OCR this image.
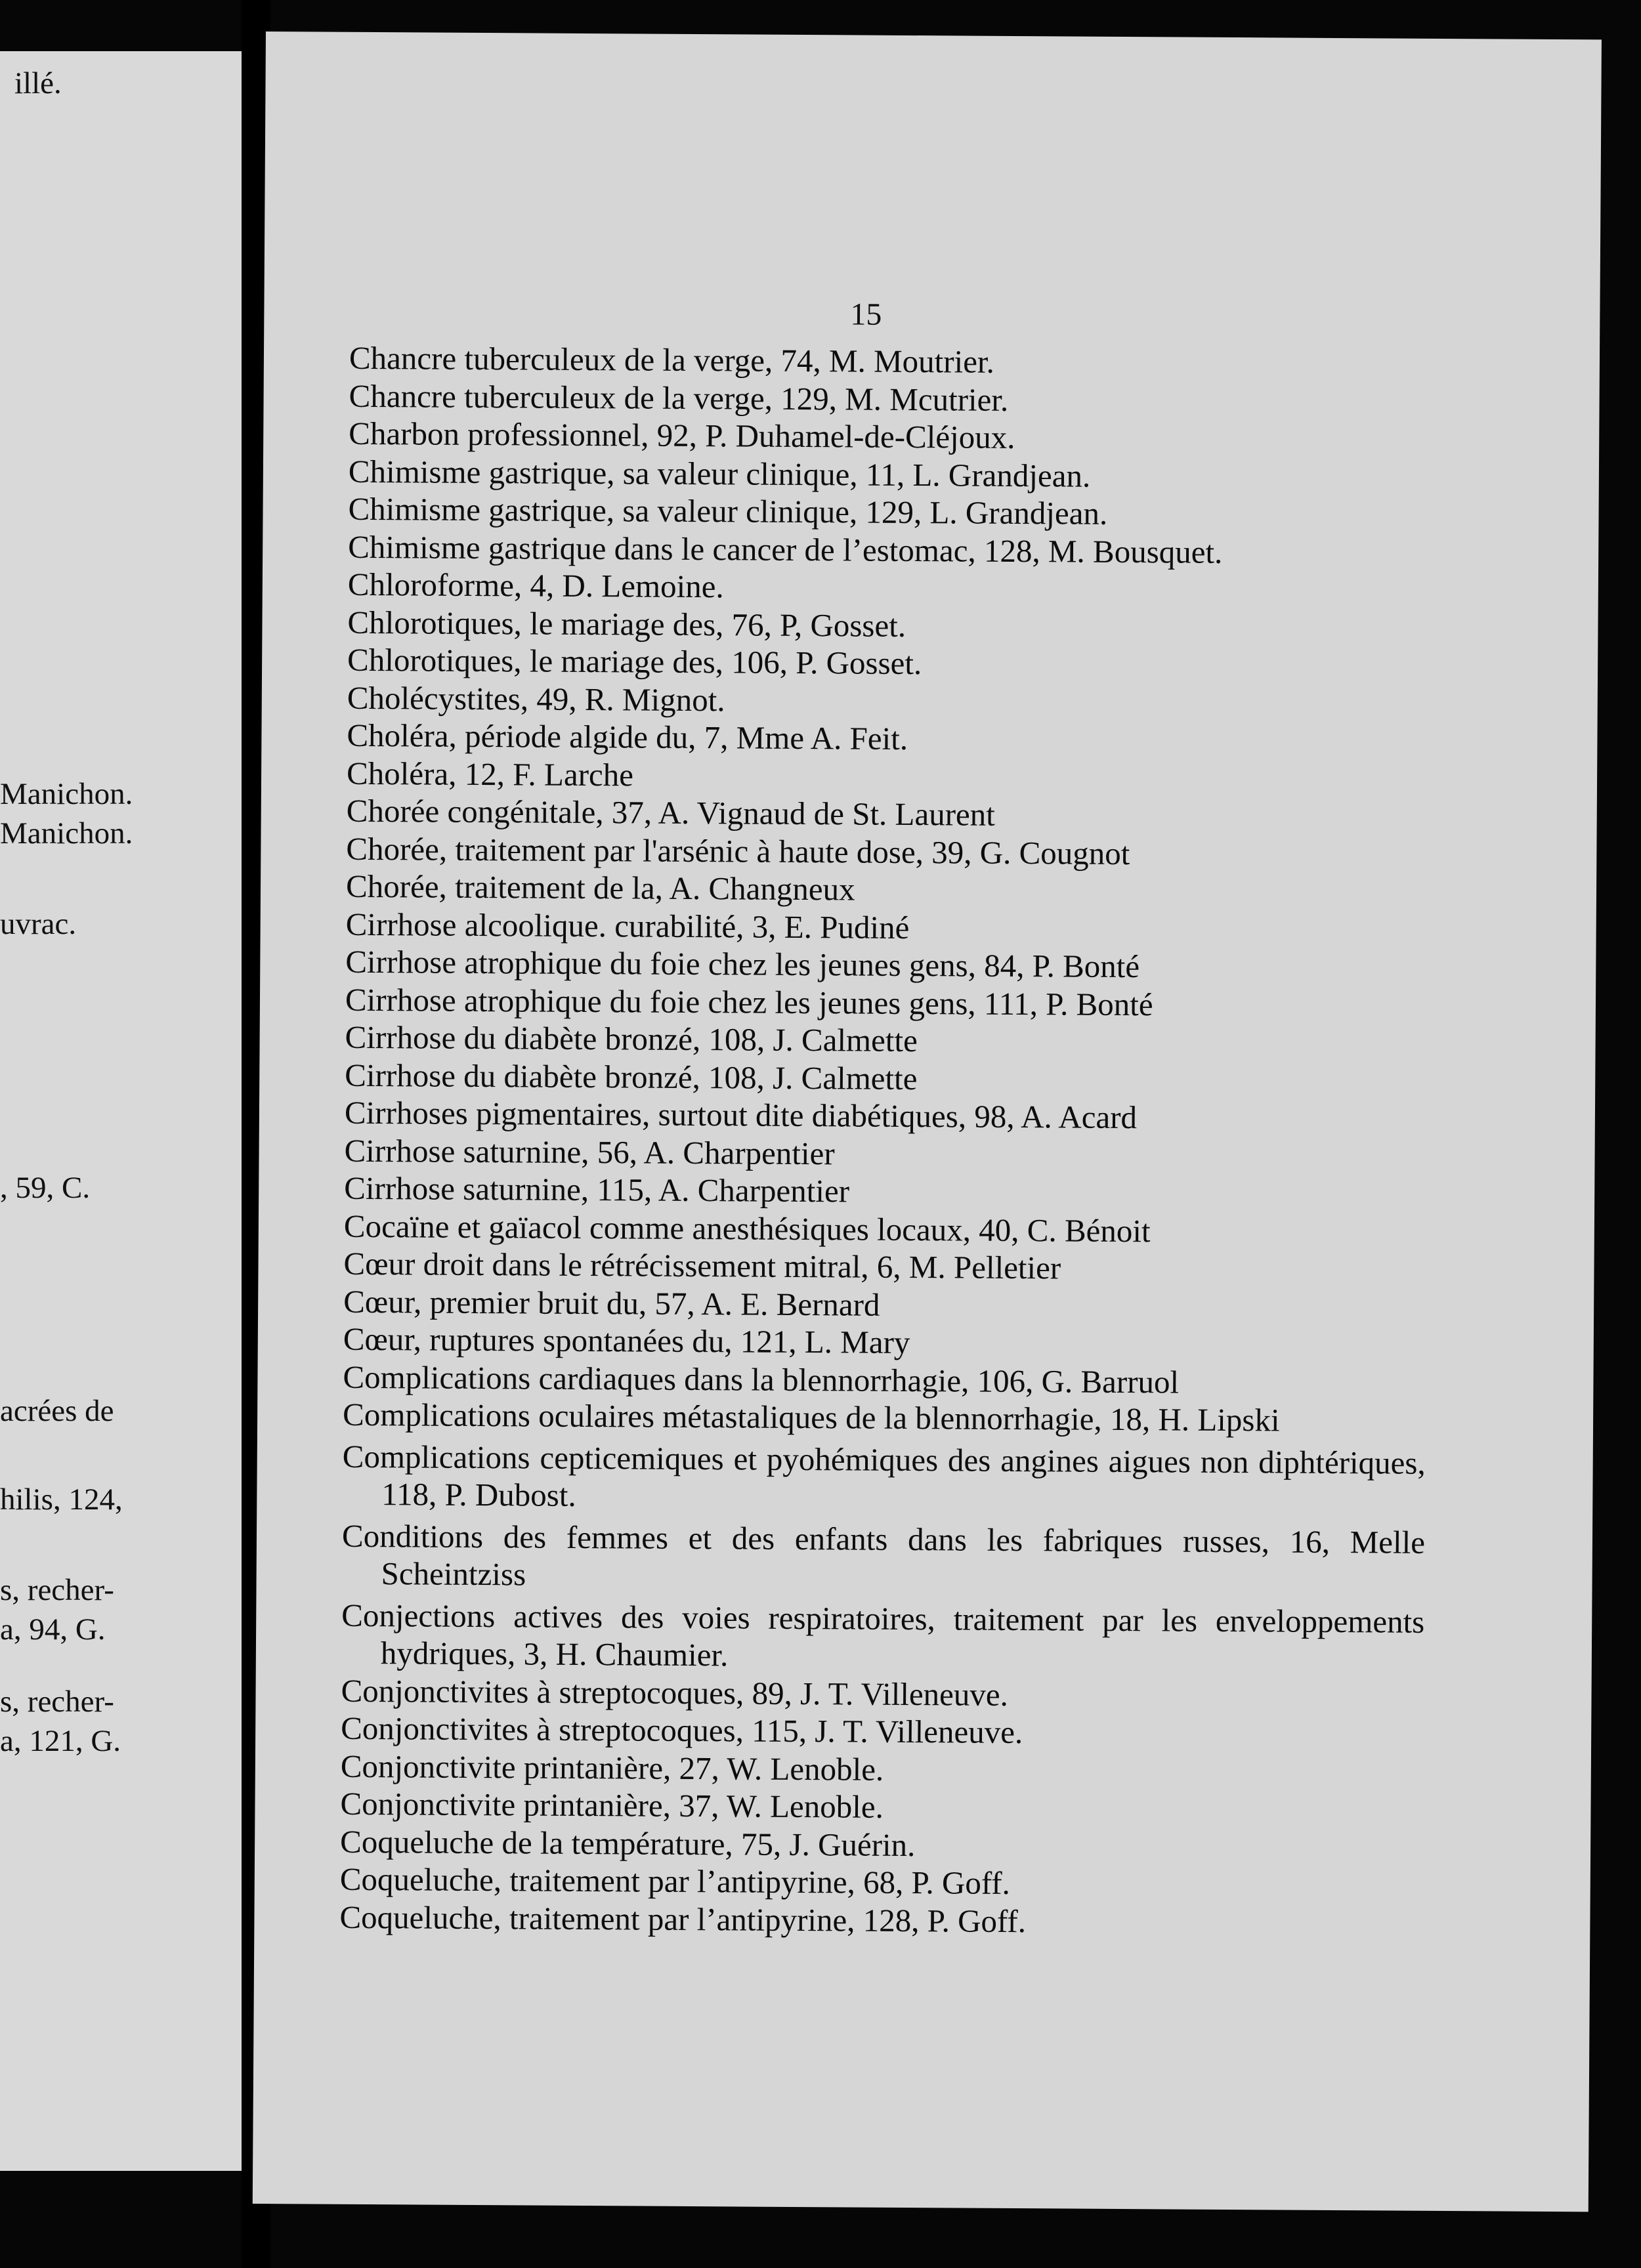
illé.
Manichon.
Manichon.
uvrac.
, 59, C.
acrées de
hilis, 124,
s, recher-
a, 94, G.
s, recher-
a, 121, G.
15
Chancre tuberculeux de la verge, 74, M. Moutrier.
Chancre tuberculeux de la verge, 129, M. Mcutrier.
Charbon professionnel, 92, P. Duhamel-de-Cléjoux.
Chimisme gastrique, sa valeur clinique, 11, L. Grandjean.
Chimisme gastrique, sa valeur clinique, 129, L. Grandjean.
Chimisme gastrique dans le cancer de l’estomac, 128, M. Bousquet.
Chloroforme, 4, D. Lemoine.
Chlorotiques, le mariage des, 76, P, Gosset.
Chlorotiques, le mariage des, 106, P. Gosset.
Cholécystites, 49, R. Mignot.
Choléra, période algide du, 7, Mme A. Feit.
Choléra, 12, F. Larche
Chorée congénitale, 37, A. Vignaud de St. Laurent
Chorée, traitement par l'arsénic à haute dose, 39, G. Cougnot
Chorée, traitement de la, A. Changneux
Cirrhose alcoolique. curabilité, 3, E. Pudiné
Cirrhose atrophique du foie chez les jeunes gens, 84, P. Bonté
Cirrhose atrophique du foie chez les jeunes gens, 111, P. Bonté
Cirrhose du diabète bronzé, 108, J. Calmette
Cirrhose du diabète bronzé, 108, J. Calmette
Cirrhoses pigmentaires, surtout dite diabétiques, 98, A. Acard
Cirrhose saturnine, 56, A. Charpentier
Cirrhose saturnine, 115, A. Charpentier
Cocaïne et gaïacol comme anesthésiques locaux, 40, C. Bénoit
Cœur droit dans le rétrécissement mitral, 6, M. Pelletier
Cœur, premier bruit du, 57, A. E. Bernard
Cœur, ruptures spontanées du, 121, L. Mary
Complications cardiaques dans la blennorrhagie, 106, G. Barruol
Complications oculaires métastaliques de la blennorrhagie, 18, H. Lipski
Complications cepticemiques et pyohémiques des angines aigues non diphtériques, 118, P. Dubost.
Conditions des femmes et des enfants dans les fabriques russes, 16, Melle Scheintziss
Conjections actives des voies respiratoires, traitement par les enveloppements hydriques, 3, H. Chaumier.
Conjonctivites à streptocoques, 89, J. T. Villeneuve.
Conjonctivites à streptocoques, 115, J. T. Villeneuve.
Conjonctivite printanière, 27, W. Lenoble.
Conjonctivite printanière, 37, W. Lenoble.
Coqueluche de la température, 75, J. Guérin.
Coqueluche, traitement par l’antipyrine, 68, P. Goff.
Coqueluche, traitement par l’antipyrine, 128, P. Goff.
